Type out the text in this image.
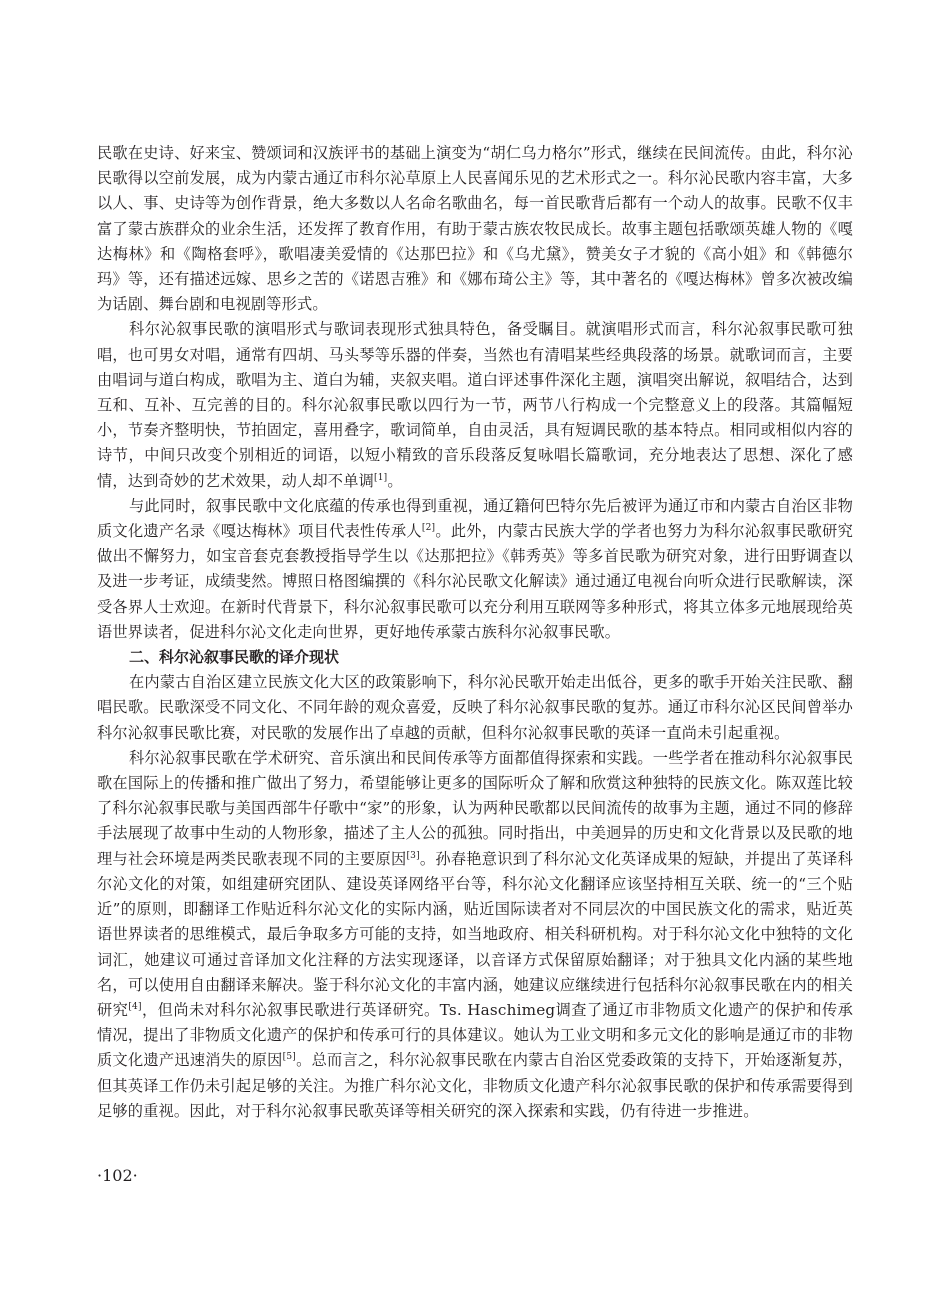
民歌在史诗、好来宝、赞颂词和汉族评书的基础上演变为“胡仁乌力格尔”形式，继续在民间流传。由此，科尔沁民歌得以空前发展，成为内蒙古通辽市科尔沁草原上人民喜闻乐见的艺术形式之一。科尔沁民歌内容丰富，大多以人、事、史诗等为创作背景，绝大多数以人名命名歌曲名，每一首民歌背后都有一个动人的故事。民歌不仅丰富了蒙古族群众的业余生活，还发挥了教育作用，有助于蒙古族农牧民成长。故事主题包括歌颂英雄人物的《嘎达梅林》和《陶格套呼》，歌唱凄美爱情的《达那巴拉》和《乌尤黛》，赞美女子才貌的《高小姐》和《韩德尔玛》等，还有描述远嫁、思乡之苦的《诺恩吉雅》和《娜布琦公主》等，其中著名的《嘎达梅林》曾多次被改编为话剧、舞台剧和电视剧等形式。

科尔沁叙事民歌的演唱形式与歌词表现形式独具特色，备受瞩目。就演唱形式而言，科尔沁叙事民歌可独唱，也可男女对唱，通常有四胡、马头琴等乐器的伴奏，当然也有清唱某些经典段落的场景。就歌词而言，主要由唱词与道白构成，歌唱为主、道白为辅，夹叙夹唱。道白评述事件深化主题，演唱突出解说，叙唱结合，达到互和、互补、互完善的目的。科尔沁叙事民歌以四行为一节，两节八行构成一个完整意义上的段落。其篇幅短小，节奏齐整明快，节拍固定，喜用叠字，歌词简单，自由灵活，具有短调民歌的基本特点。相同或相似内容的诗节，中间只改变个别相近的词语，以短小精致的音乐段落反复咏唱长篇歌词，充分地表达了思想、深化了感情，达到奇妙的艺术效果，动人却不单调[1]。

与此同时，叙事民歌中文化底蕴的传承也得到重视，通辽籍何巴特尔先后被评为通辽市和内蒙古自治区非物质文化遗产名录《嘎达梅林》项目代表性传承人[2]。此外，内蒙古民族大学的学者也努力为科尔沁叙事民歌研究做出不懈努力，如宝音套克套教授指导学生以《达那把拉》《韩秀英》等多首民歌为研究对象，进行田野调查以及进一步考证，成绩斐然。博照日格图编撰的《科尔沁民歌文化解读》通过通辽电视台向听众进行民歌解读，深受各界人士欢迎。在新时代背景下，科尔沁叙事民歌可以充分利用互联网等多种形式，将其立体多元地展现给英语世界读者，促进科尔沁文化走向世界，更好地传承蒙古族科尔沁叙事民歌。

二、科尔沁叙事民歌的译介现状

在内蒙古自治区建立民族文化大区的政策影响下，科尔沁民歌开始走出低谷，更多的歌手开始关注民歌、翻唱民歌。民歌深受不同文化、不同年龄的观众喜爱，反映了科尔沁叙事民歌的复苏。通辽市科尔沁区民间曾举办科尔沁叙事民歌比赛，对民歌的发展作出了卓越的贡献，但科尔沁叙事民歌的英译一直尚未引起重视。

科尔沁叙事民歌在学术研究、音乐演出和民间传承等方面都值得探索和实践。一些学者在推动科尔沁叙事民歌在国际上的传播和推广做出了努力，希望能够让更多的国际听众了解和欣赏这种独特的民族文化。陈双莲比较了科尔沁叙事民歌与美国西部牛仔歌中“家”的形象，认为两种民歌都以民间流传的故事为主题，通过不同的修辞手法展现了故事中生动的人物形象，描述了主人公的孤独。同时指出，中美迥异的历史和文化背景以及民歌的地理与社会环境是两类民歌表现不同的主要原因[3]。孙春艳意识到了科尔沁文化英译成果的短缺，并提出了英译科尔沁文化的对策，如组建研究团队、建设英译网络平台等，科尔沁文化翻译应该坚持相互关联、统一的“三个贴近”的原则，即翻译工作贴近科尔沁文化的实际内涵，贴近国际读者对不同层次的中国民族文化的需求，贴近英语世界读者的思维模式，最后争取多方可能的支持，如当地政府、相关科研机构。对于科尔沁文化中独特的文化词汇，她建议可通过音译加文化注释的方法实现逐译，以音译方式保留原始翻译；对于独具文化内涵的某些地名，可以使用自由翻译来解决。鉴于科尔沁文化的丰富内涵，她建议应继续进行包括科尔沁叙事民歌在内的相关研究[4]，但尚未对科尔沁叙事民歌进行英译研究。Ts. Haschimeg调查了通辽市非物质文化遗产的保护和传承情况，提出了非物质文化遗产的保护和传承可行的具体建议。她认为工业文明和多元文化的影响是通辽市的非物质文化遗产迅速消失的原因[5]。总而言之，科尔沁叙事民歌在内蒙古自治区党委政策的支持下，开始逐渐复苏，但其英译工作仍未引起足够的关注。为推广科尔沁文化，非物质文化遗产科尔沁叙事民歌的保护和传承需要得到足够的重视。因此，对于科尔沁叙事民歌英译等相关研究的深入探索和实践，仍有待进一步推进。

·102·
